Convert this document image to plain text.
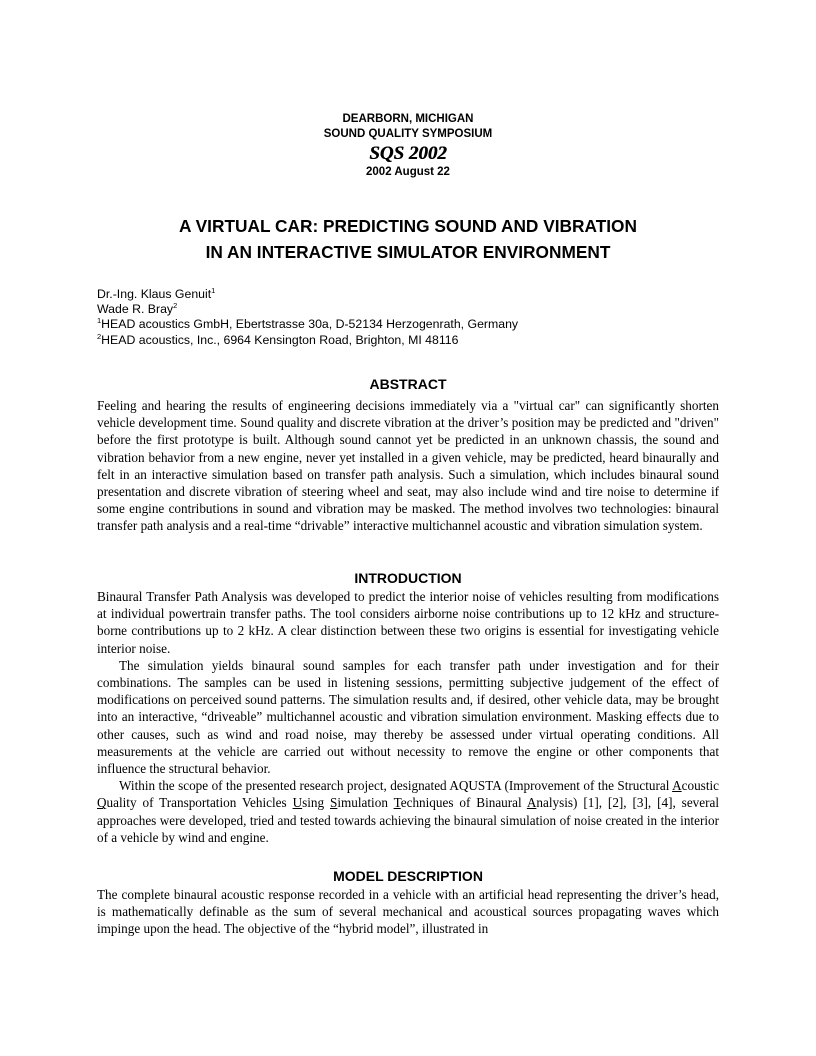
DEARBORN, MICHIGAN
SOUND QUALITY SYMPOSIUM
SQS 2002
2002 August 22
A VIRTUAL CAR: PREDICTING SOUND AND VIBRATION
IN AN INTERACTIVE SIMULATOR ENVIRONMENT
Dr.-Ing. Klaus Genuit$^1$
Wade R. Bray$^2$
$^1$HEAD acoustics GmbH, Ebertstrasse 30a, D-52134 Herzogenrath, Germany
$^2$HEAD acoustics, Inc., 6964 Kensington Road, Brighton, MI 48116
ABSTRACT

Feeling and hearing the results of engineering decisions immediately via a "virtual car" can significantly shorten vehicle development time. Sound quality and discrete vibration at the driver’s position may be predicted and "driven" before the first prototype is built. Although sound cannot yet be predicted in an unknown chassis, the sound and vibration behavior from a new engine, never yet installed in a given vehicle, may be predicted, heard binaurally and felt in an interactive simulation based on transfer path analysis. Such a simulation, which includes binaural sound presentation and discrete vibration of steering wheel and seat, may also include wind and tire noise to determine if some engine contributions in sound and vibration may be masked. The method involves two technologies: binaural transfer path analysis and a real-time “drivable” interactive multichannel acoustic and vibration simulation system.

INTRODUCTION

Binaural Transfer Path Analysis was developed to predict the interior noise of vehicles resulting from modifications at individual powertrain transfer paths. The tool considers airborne noise contributions up to 12 kHz and structure-borne contributions up to 2 kHz. A clear distinction between these two origins is essential for investigating vehicle interior noise.

The simulation yields binaural sound samples for each transfer path under investigation and for their combinations. The samples can be used in listening sessions, permitting subjective judgement of the effect of modifications on perceived sound patterns. The simulation results and, if desired, other vehicle data, may be brought into an interactive, “driveable” multichannel acoustic and vibration simulation environment. Masking effects due to other causes, such as wind and road noise, may thereby be assessed under virtual operating conditions. All measurements at the vehicle are carried out without necessity to remove the engine or other components that influence the structural behavior.

Within the scope of the presented research project, designated AQUSTA (Improvement of the Structural Acoustic Quality of Transportation Vehicles Using Simulation Techniques of Binaural Analysis) [1], [2], [3], [4], several approaches were developed, tried and tested towards achieving the binaural simulation of noise created in the interior of a vehicle by wind and engine.

MODEL DESCRIPTION

The complete binaural acoustic response recorded in a vehicle with an artificial head representing the driver’s head, is mathematically definable as the sum of several mechanical and acoustical sources propagating waves which impinge upon the head. The objective of the “hybrid model”, illustrated in
